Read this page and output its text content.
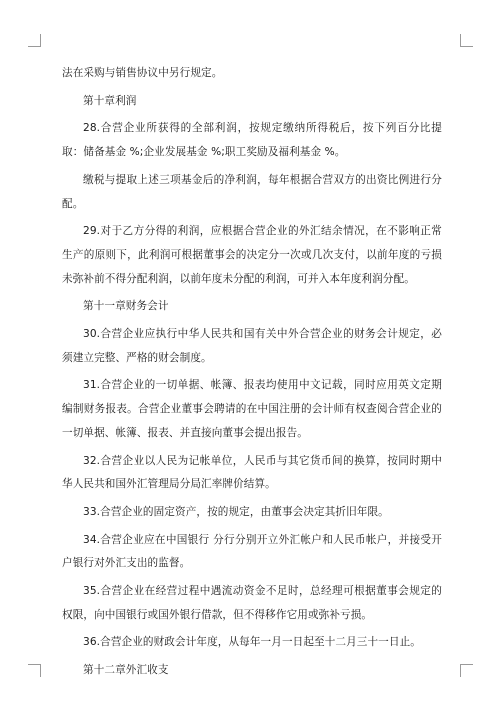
法在采购与销售协议中另行规定。

第十章利润

28.合营企业所获得的全部利润，按规定缴纳所得税后，按下列百分比提取：储备基金 %;企业发展基金 %;职工奖励及福利基金 %。

缴税与提取上述三项基金后的净利润，每年根据合营双方的出资比例进行分配。

29.对于乙方分得的利润，应根据合营企业的外汇结余情况，在不影响正常生产的原则下，此利润可根据董事会的决定分一次或几次支付，以前年度的亏损未弥补前不得分配利润，以前年度未分配的利润，可并入本年度利润分配。

第十一章财务会计

30.合营企业应执行中华人民共和国有关中外合营企业的财务会计规定，必须建立完整、严格的财会制度。

31.合营企业的一切单据、帐簿、报表均使用中文记载，同时应用英文定期编制财务报表。合营企业董事会聘请的在中国注册的会计师有权查阅合营企业的一切单据、帐簿、报表、并直接向董事会提出报告。

32.合营企业以人民为记帐单位，人民币与其它货币间的换算，按同时期中华人民共和国外汇管理局分局汇率牌价结算。

33.合营企业的固定资产，按的规定，由董事会决定其折旧年限。

34.合营企业应在中国银行 分行分别开立外汇帐户和人民币帐户，并接受开户银行对外汇支出的监督。

35.合营企业在经营过程中遇流动资金不足时，总经理可根据董事会规定的权限，向中国银行或国外银行借款，但不得移作它用或弥补亏损。

36.合营企业的财政会计年度，从每年一月一日起至十二月三十一日止。

第十二章外汇收支
